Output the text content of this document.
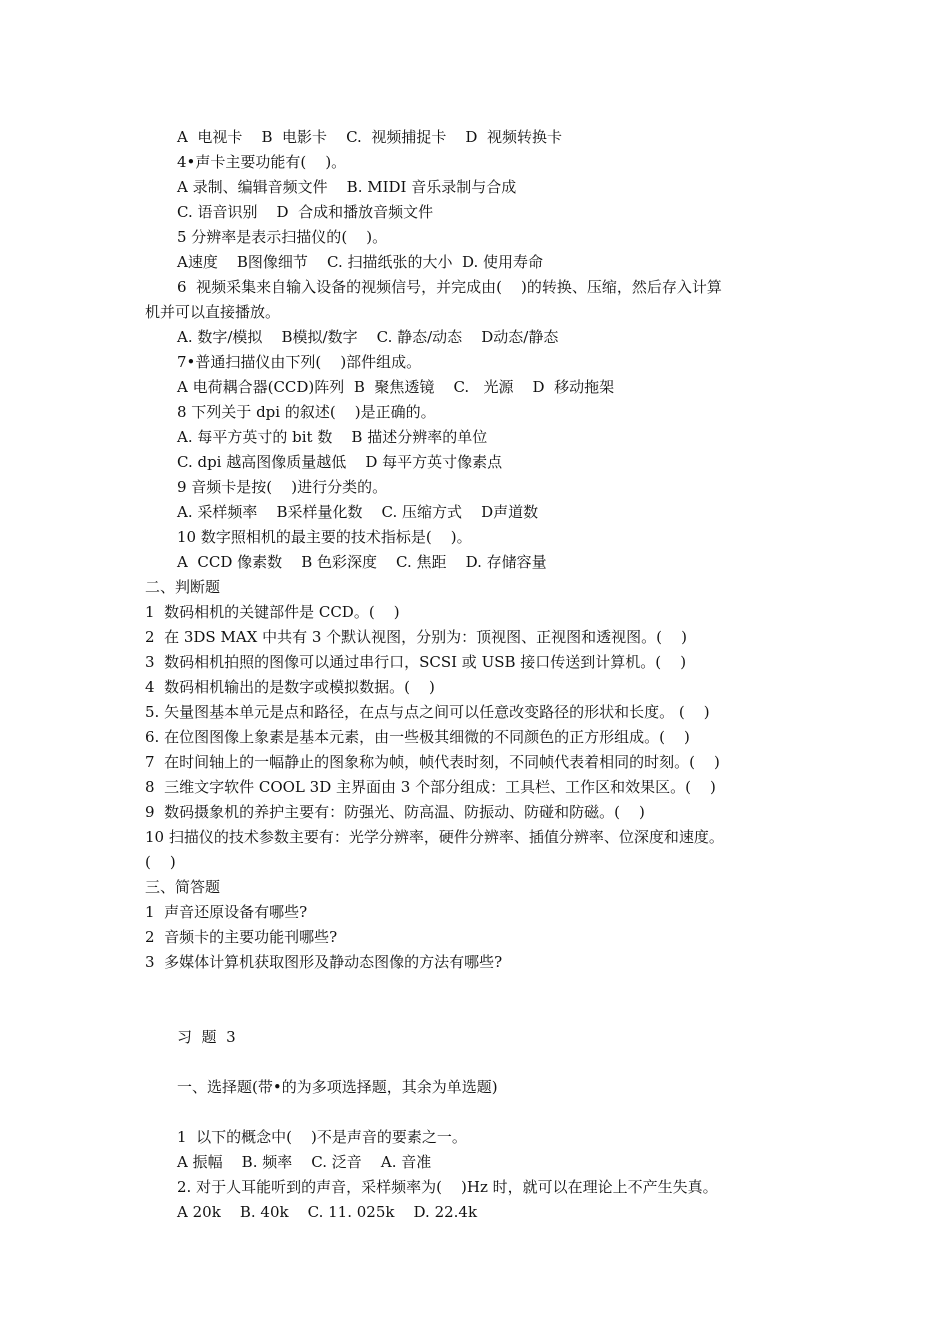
A  电视卡    B  电影卡    C.  视频捕捉卡    D  视频转换卡
4•声卡主要功能有(    )。
A 录制、编辑音频文件    B. MIDI 音乐录制与合成
C. 语音识别    D  合成和播放音频文件
5 分辨率是表示扫描仪的(    )。
A速度    B图像细节    C. 扫描纸张的大小  D. 使用寿命
6  视频采集来自输入设备的视频信号，并完成由(    )的转换、压缩，然后存入计算
机并可以直接播放。
A. 数字/模拟    B模拟/数字    C. 静态/动态    D动态/静态
7•普通扫描仪由下列(    )部件组成。
A 电荷耦合器(CCD)阵列  B  聚焦透镜    C.   光源    D  移动拖架
8 下列关于 dpi 的叙述(    )是正确的。
A. 每平方英寸的 bit 数    B 描述分辨率的单位
C. dpi 越高图像质量越低    D 每平方英寸像素点
9 音频卡是按(    )进行分类的。
A. 采样频率    B采样量化数    C. 压缩方式    D声道数
10 数字照相机的最主要的技术指标是(    )。
A  CCD 像素数    B 色彩深度    C. 焦距    D. 存储容量
二、判断题
1  数码相机的关键部件是 CCD。(    )
2  在 3DS MAX 中共有 3 个默认视图，分别为：顶视图、正视图和透视图。(    )
3  数码相机拍照的图像可以通过串行口，SCSI 或 USB 接口传送到计算机。(    )
4  数码相机输出的是数字或模拟数据。(    )
5. 矢量图基本单元是点和路径，在点与点之间可以任意改变路径的形状和长度。 (    )
6. 在位图图像上象素是基本元素，由一些极其细微的不同颜色的正方形组成。(    )
7  在时间轴上的一幅静止的图象称为帧，帧代表时刻，不同帧代表着相同的时刻。(    )
8  三维文字软件 COOL 3D 主界面由 3 个部分组成：工具栏、工作区和效果区。(    )
9  数码摄象机的养护主要有：防强光、防高温、防振动、防碰和防磁。(    )
10 扫描仪的技术参数主要有：光学分辨率，硬件分辨率、插值分辨率、位深度和速度。
(    )
三、简答题
1  声音还原设备有哪些?
2  音频卡的主要功能刊哪些?
3  多媒体计算机获取图形及静动态图像的方法有哪些?
习  题  3
一、选择题(带•的为多项选择题，其余为单选题)
1  以下的概念中(    )不是声音的要素之一。
A 振幅    B. 频率    C. 泛音    A. 音准
2. 对于人耳能听到的声音，采样频率为(    )Hz 时，就可以在理论上不产生失真。
A 20k    B. 40k    C. 11. 025k    D. 22.4k
